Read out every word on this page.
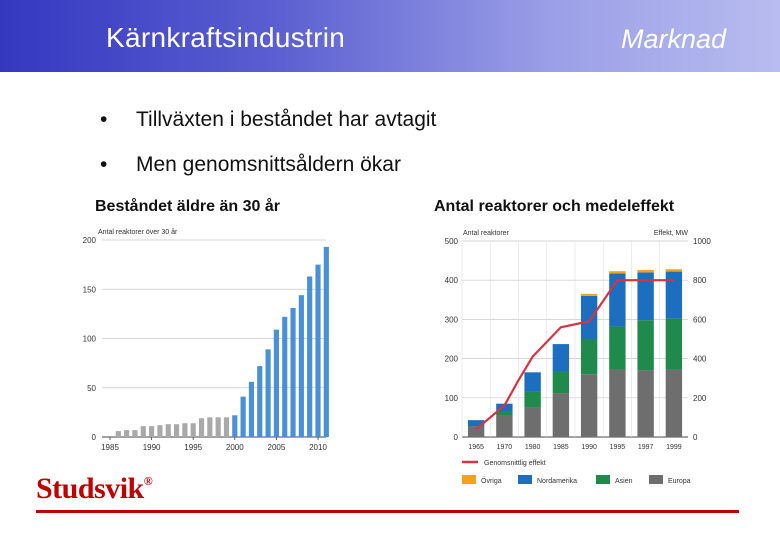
Kärnkraftsindustrin	Marknad
• Tillväxten i beståndet har avtagit
• Men genomsnittsåldern ökar
Beståndet äldre än 30 år	Antal reaktorer och medeleffekt
Antal reaktorer över 30 år
0
50
100
150
200
1985	1990	1995	2000	2005	2010
Antal reaktorer	Effekt, MW
0	0
100	200
200	400
300	600
400	800
500	1000
1965 1970 1980 1985 1990 1995 1997 1999
Genomsnittlig effekt
Övriga	Nordamerika	Asien	Europa
Studsvik®
